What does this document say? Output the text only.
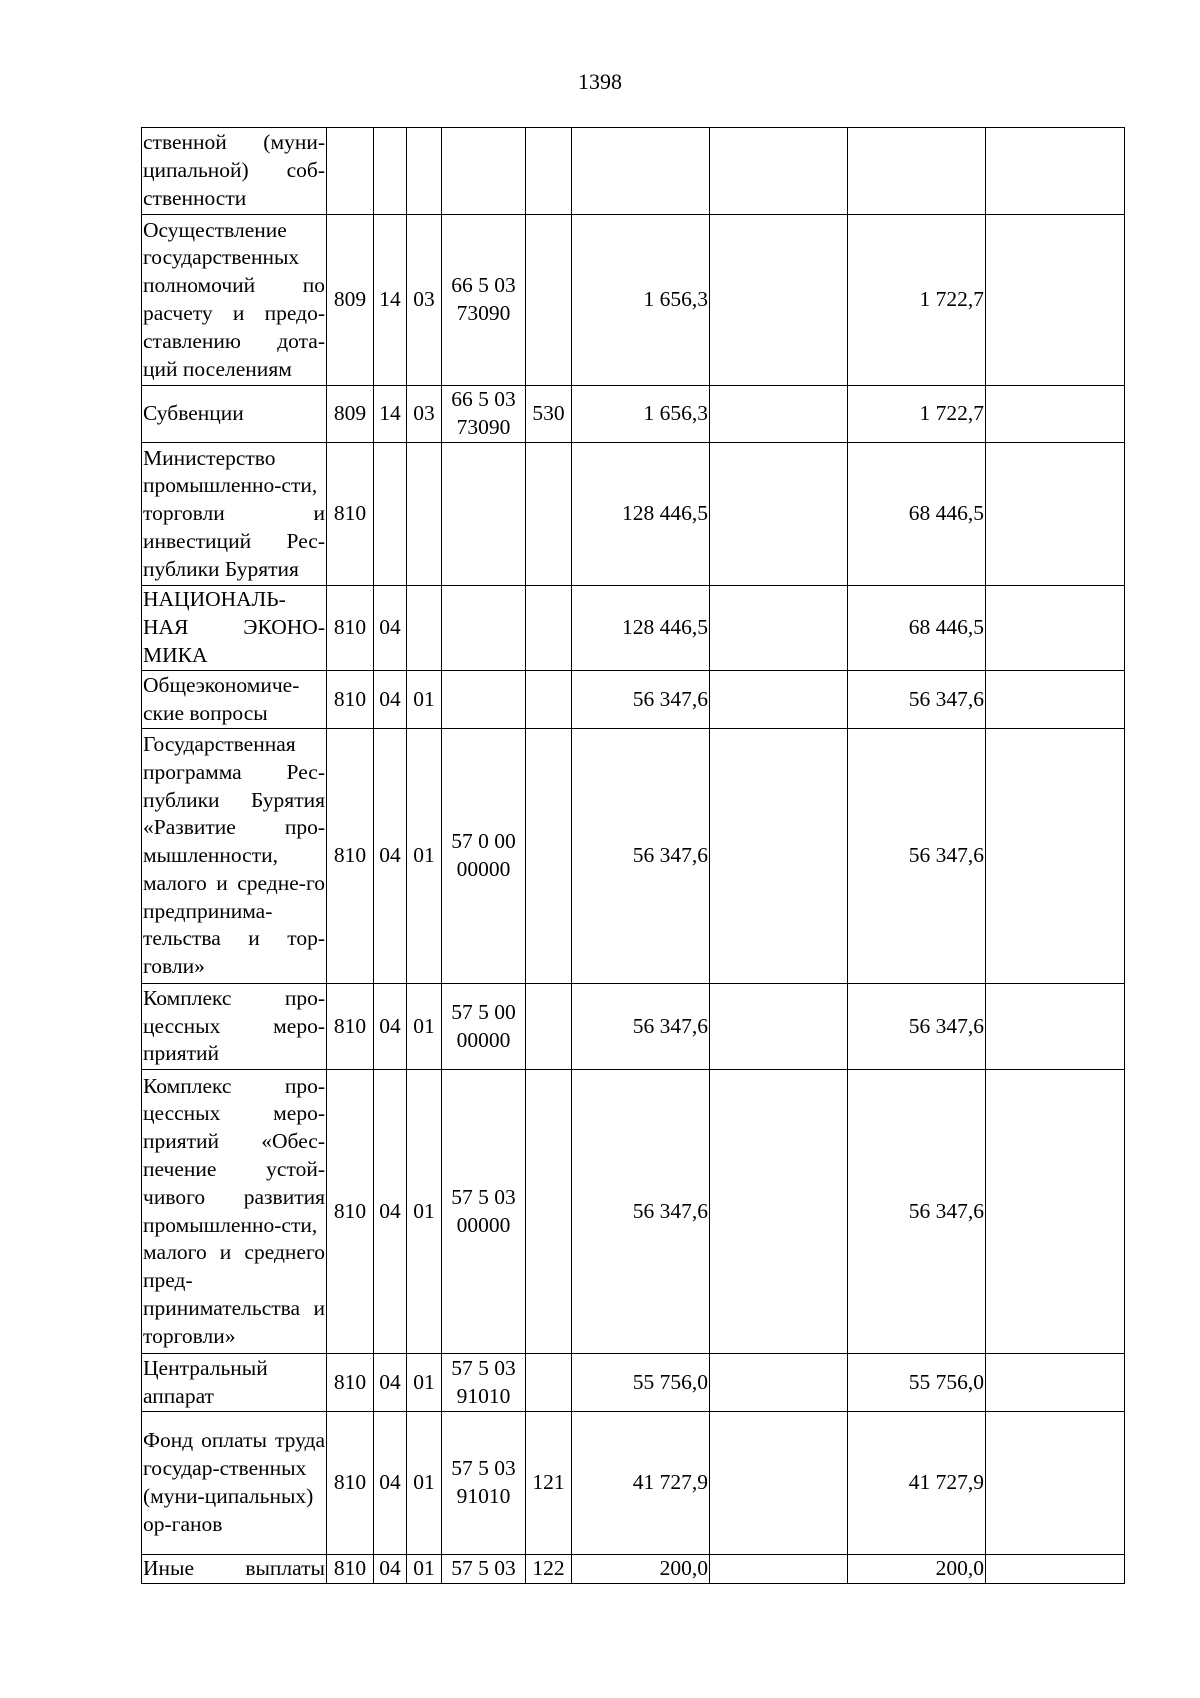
1398
ственной (муни-ципальной) соб-ственности									
Осуществление государственных полномочий по расчету и предо-ставлению дота-ций поселениям	809	14	03	66 5 03 73090		1 656,3		1 722,7	
Субвенции	809	14	03	66 5 03 73090	530	1 656,3		1 722,7	
Министерство промышленно-сти, торговли и инвестиций Рес-публики Бурятия	810					128 446,5		68 446,5	
НАЦИОНАЛЬ-НАЯ ЭКОНО-МИКА	810	04				128 446,5		68 446,5	
Общеэкономиче-ские вопросы	810	04	01			56 347,6		56 347,6	
Государственная программа Рес-публики Бурятия «Развитие про-мышленности, малого и средне-го предпринима-тельства и тор-говли»	810	04	01	57 0 00 00000		56 347,6		56 347,6	
Комплекс про-цессных меро-приятий	810	04	01	57 5 00 00000		56 347,6		56 347,6	
Комплекс про-цессных меро-приятий «Обес-печение устой-чивого развития промышленно-сти, малого и среднего пред-принимательства и торговли»	810	04	01	57 5 03 00000		56 347,6		56 347,6	
Центральный аппарат	810	04	01	57 5 03 91010		55 756,0		55 756,0	
Фонд оплаты труда государ-ственных (муни-ципальных) ор-ганов	810	04	01	57 5 03 91010	121	41 727,9		41 727,9	
Иные выплаты	810	04	01	57 5 03	122	200,0		200,0	
